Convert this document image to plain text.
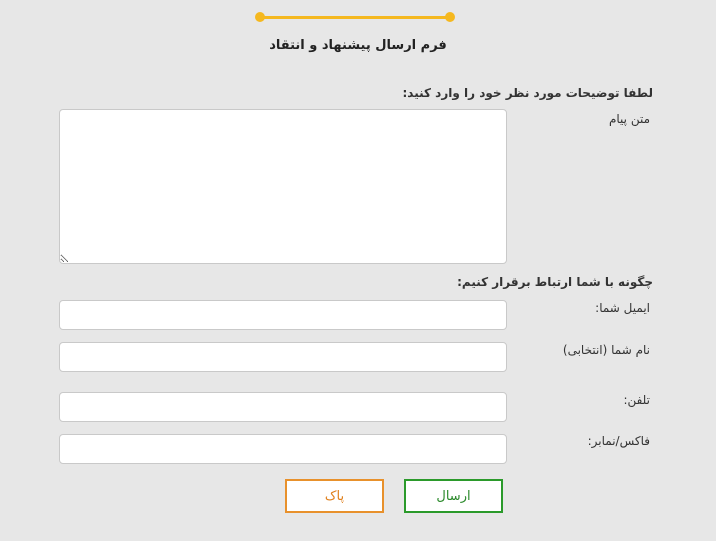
فرم ارسال پیشنهاد و انتقاد
لطفا توضیحات مورد نظر خود را وارد کنید:
متن پیام
چگونه با شما ارتباط برقرار کنیم:
ایمیل شما:
نام شما (انتخابی)
تلفن:
فاکس/نمابر:
ارسال
پاک
